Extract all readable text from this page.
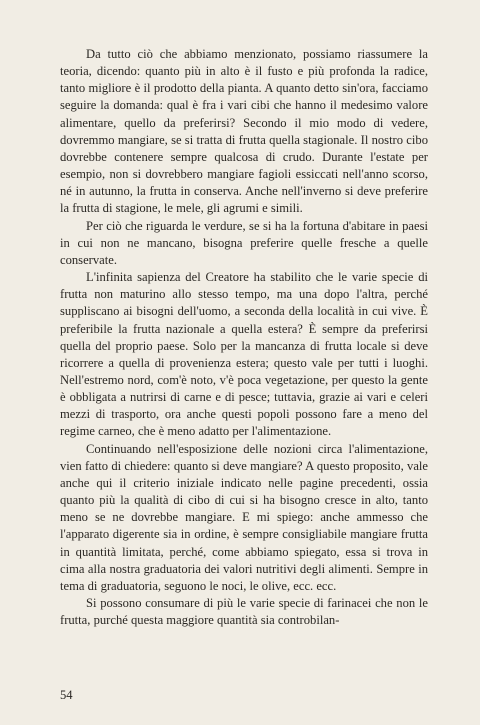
Da tutto ciò che abbiamo menzionato, possiamo riassumere la teoria, dicendo: quanto più in alto è il fusto e più profonda la radice, tanto migliore è il prodotto della pianta. A quanto detto sin'ora, facciamo seguire la domanda: qual è fra i vari cibi che hanno il medesimo valore alimentare, quello da preferirsi? Secondo il mio modo di vedere, dovremmo mangiare, se si tratta di frutta quella stagionale. Il nostro cibo dovrebbe contenere sempre qualcosa di crudo. Durante l'estate per esempio, non si dovrebbero mangiare fagioli essiccati nell'anno scorso, né in autunno, la frutta in conserva. Anche nell'inverno si deve preferire la frutta di stagione, le mele, gli agrumi e simili.

Per ciò che riguarda le verdure, se si ha la fortuna d'abitare in paesi in cui non ne mancano, bisogna preferire quelle fresche a quelle conservate.

L'infinita sapienza del Creatore ha stabilito che le varie specie di frutta non maturino allo stesso tempo, ma una dopo l'altra, perché suppliscano ai bisogni dell'uomo, a seconda della località in cui vive. È preferibile la frutta nazionale a quella estera? È sempre da preferirsi quella del proprio paese. Solo per la mancanza di frutta locale si deve ricorrere a quella di provenienza estera; questo vale per tutti i luoghi. Nell'estremo nord, com'è noto, v'è poca vegetazione, per questo la gente è obbligata a nutrirsi di carne e di pesce; tuttavia, grazie ai vari e celeri mezzi di trasporto, ora anche questi popoli possono fare a meno del regime carneo, che è meno adatto per l'alimentazione.

Continuando nell'esposizione delle nozioni circa l'alimentazione, vien fatto di chiedere: quanto si deve mangiare? A questo proposito, vale anche qui il criterio iniziale indicato nelle pagine precedenti, ossia quanto più la qualità di cibo di cui si ha bisogno cresce in alto, tanto meno se ne dovrebbe mangiare. E mi spiego: anche ammesso che l'apparato digerente sia in ordine, è sempre consigliabile mangiare frutta in quantità limitata, perché, come abbiamo spiegato, essa si trova in cima alla nostra graduatoria dei valori nutritivi degli alimenti. Sempre in tema di graduatoria, seguono le noci, le olive, ecc. ecc.

Si possono consumare di più le varie specie di farinacei che non le frutta, purché questa maggiore quantità sia controbilan-

54
